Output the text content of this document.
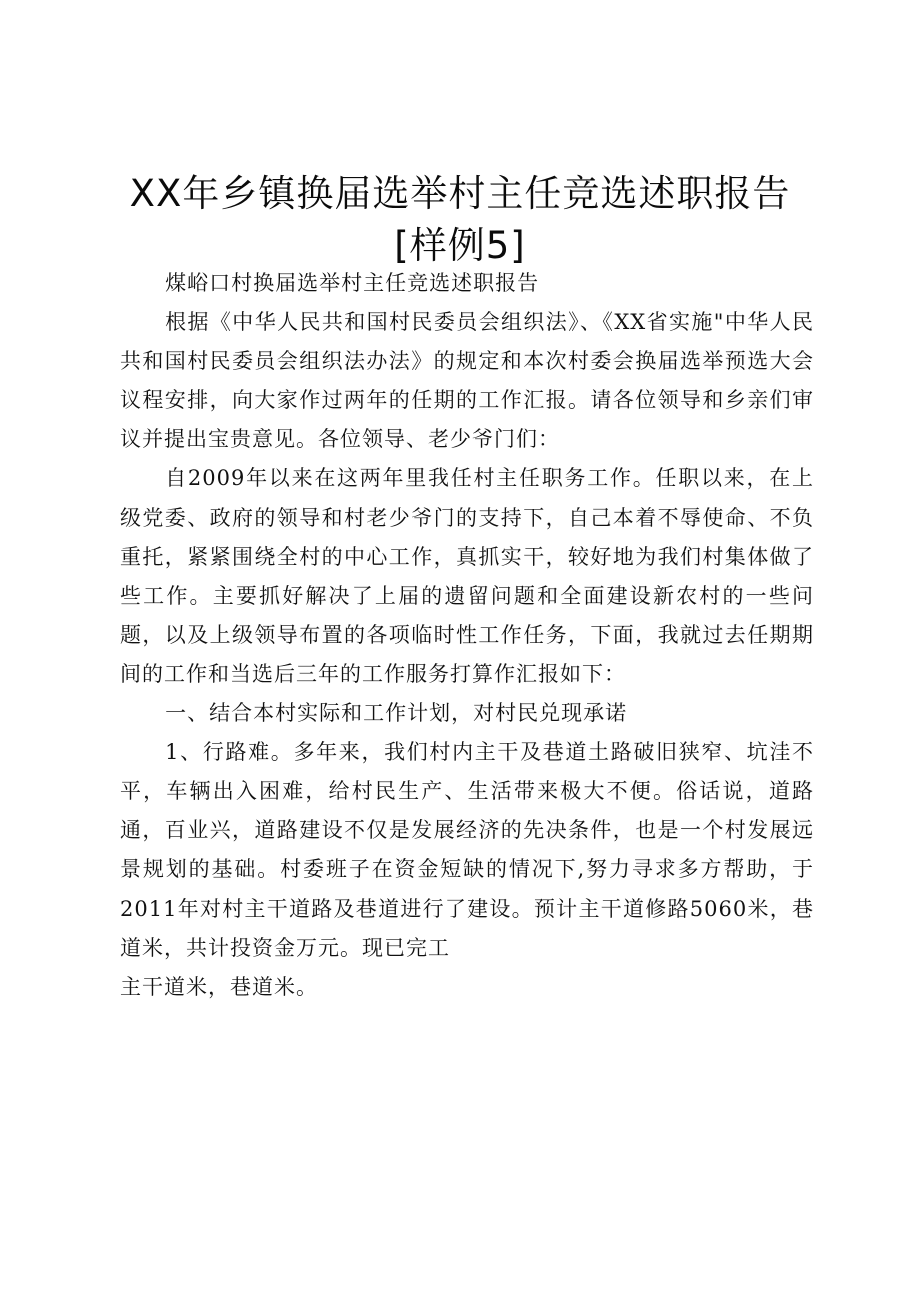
XX年乡镇换届选举村主任竞选述职报告[样例5]

煤峪口村换届选举村主任竞选述职报告

根据《中华人民共和国村民委员会组织法》、《XX省实施"中华人民共和国村民委员会组织法办法》的规定和本次村委会换届选举预选大会议程安排，向大家作过两年的任期的工作汇报。请各位领导和乡亲们审议并提出宝贵意见。各位领导、老少爷门们：

自2009年以来在这两年里我任村主任职务工作。任职以来，在上级党委、政府的领导和村老少爷门的支持下，自己本着不辱使命、不负重托，紧紧围绕全村的中心工作，真抓实干，较好地为我们村集体做了些工作。主要抓好解决了上届的遗留问题和全面建设新农村的一些问题，以及上级领导布置的各项临时性工作任务，下面，我就过去任期期间的工作和当选后三年的工作服务打算作汇报如下：

一、结合本村实际和工作计划，对村民兑现承诺

1、行路难。多年来，我们村内主干及巷道土路破旧狭窄、坑洼不平，车辆出入困难，给村民生产、生活带来极大不便。俗话说，道路通，百业兴，道路建设不仅是发展经济的先决条件，也是一个村发展远景规划的基础。村委班子在资金短缺的情况下,努力寻求多方帮助，于2011年对村主干道路及巷道进行了建设。预计主干道修路5060米，巷道米，共计投资金万元。现已完工

主干道米，巷道米。
